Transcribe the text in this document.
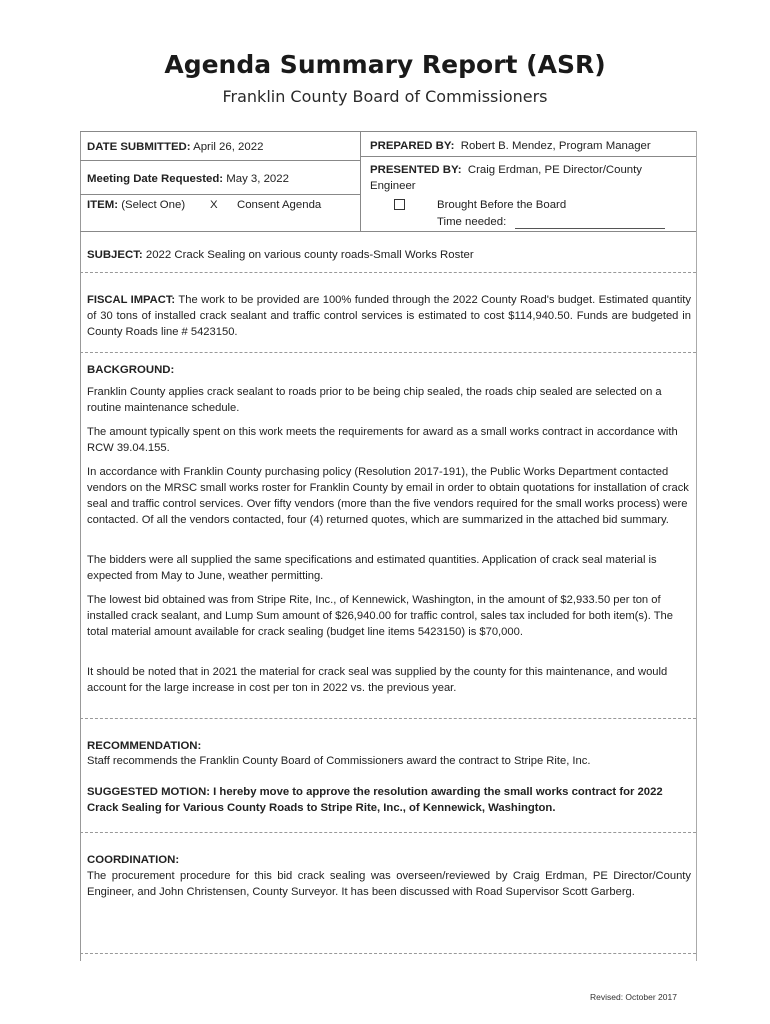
Agenda Summary Report (ASR)
Franklin County Board of Commissioners
DATE SUBMITTED: April 26, 2022	PREPARED BY: Robert B. Mendez, Program Manager
Meeting Date Requested: May 3, 2022
PRESENTED BY: Craig Erdman, PE Director/County
Engineer
ITEM: (Select One) X Consent Agenda	Brought Before the Board
Time needed:
SUBJECT: 2022 Crack Sealing on various county roads-Small Works Roster
FISCAL IMPACT: The work to be provided are 100% funded through the 2022 County Road's budget. Estimated quantity of 30 tons of installed crack sealant and traffic control services is estimated to cost $114,940.50. Funds are budgeted in County Roads line # 5423150.
BACKGROUND:
Franklin County applies crack sealant to roads prior to be being chip sealed, the roads chip sealed are selected on a routine maintenance schedule.
The amount typically spent on this work meets the requirements for award as a small works contract in accordance with RCW 39.04.155.
In accordance with Franklin County purchasing policy (Resolution 2017-191), the Public Works Department contacted vendors on the MRSC small works roster for Franklin County by email in order to obtain quotations for installation of crack seal and traffic control services. Over fifty vendors (more than the five vendors required for the small works process) were contacted. Of all the vendors contacted, four (4) returned quotes, which are summarized in the attached bid summary.
The bidders were all supplied the same specifications and estimated quantities. Application of crack seal material is expected from May to June, weather permitting.
The lowest bid obtained was from Stripe Rite, Inc., of Kennewick, Washington, in the amount of $2,933.50 per ton of installed crack sealant, and Lump Sum amount of $26,940.00 for traffic control, sales tax included for both item(s). The total material amount available for crack sealing (budget line items 5423150) is $70,000.
It should be noted that in 2021 the material for crack seal was supplied by the county for this maintenance, and would account for the large increase in cost per ton in 2022 vs. the previous year.
RECOMMENDATION:
Staff recommends the Franklin County Board of Commissioners award the contract to Stripe Rite, Inc.
SUGGESTED MOTION: I hereby move to approve the resolution awarding the small works contract for 2022 Crack Sealing for Various County Roads to Stripe Rite, Inc., of Kennewick, Washington.
COORDINATION:
The procurement procedure for this bid crack sealing was overseen/reviewed by Craig Erdman, PE Director/County Engineer, and John Christensen, County Surveyor. It has been discussed with Road Supervisor Scott Garberg.
Revised: October 2017
